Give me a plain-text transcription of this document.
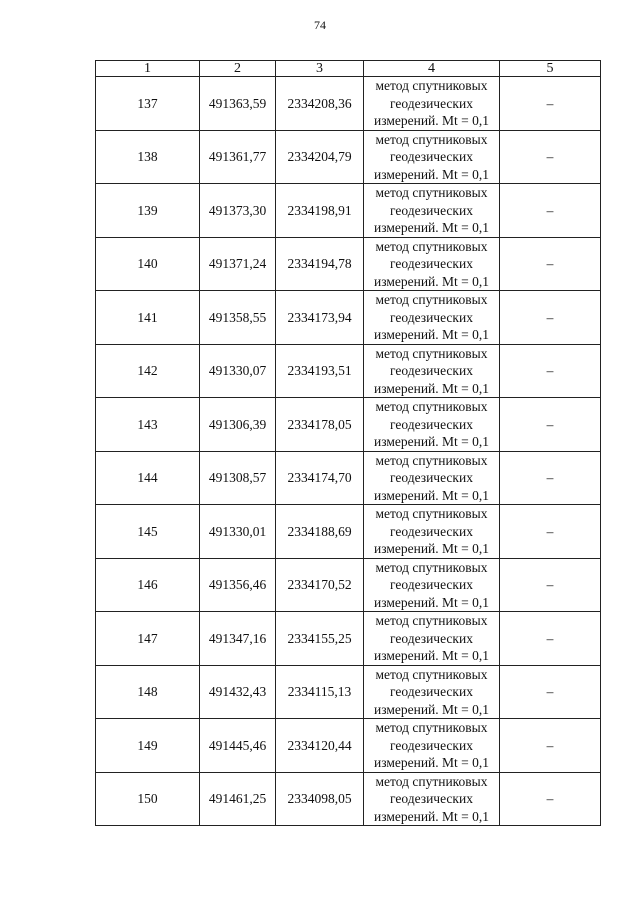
74
1	2	3	4	5
137	491363,59	2334208,36	метод спутниковых
геодезических
измерений. Mt = 0,1	–
138	491361,77	2334204,79	метод спутниковых
геодезических
измерений. Mt = 0,1	–
139	491373,30	2334198,91	метод спутниковых
геодезических
измерений. Mt = 0,1	–
140	491371,24	2334194,78	метод спутниковых
геодезических
измерений. Mt = 0,1	–
141	491358,55	2334173,94	метод спутниковых
геодезических
измерений. Mt = 0,1	–
142	491330,07	2334193,51	метод спутниковых
геодезических
измерений. Mt = 0,1	–
143	491306,39	2334178,05	метод спутниковых
геодезических
измерений. Mt = 0,1	–
144	491308,57	2334174,70	метод спутниковых
геодезических
измерений. Mt = 0,1	–
145	491330,01	2334188,69	метод спутниковых
геодезических
измерений. Mt = 0,1	–
146	491356,46	2334170,52	метод спутниковых
геодезических
измерений. Mt = 0,1	–
147	491347,16	2334155,25	метод спутниковых
геодезических
измерений. Mt = 0,1	–
148	491432,43	2334115,13	метод спутниковых
геодезических
измерений. Mt = 0,1	–
149	491445,46	2334120,44	метод спутниковых
геодезических
измерений. Mt = 0,1	–
150	491461,25	2334098,05	метод спутниковых
геодезических
измерений. Mt = 0,1	–
